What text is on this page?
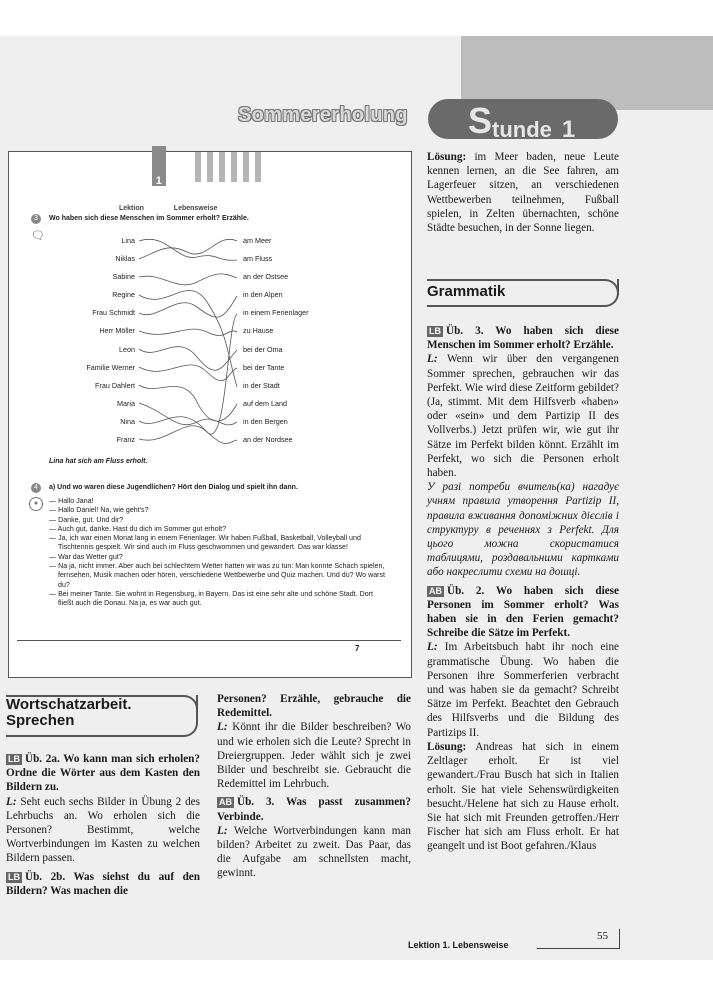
Sommererholung Stunde 1
Lektion 1 Lebensweise
3	Wo haben sich diese Menschen im Sommer erholt? Erzähle.
🗨	Lina
Niklas
Sabine
Regine
Frau Schmidt
Herr Möller
Leon
Familie Werner
Frau Dahlert
Maria
Nina
Franz
am Meer
am Fluss
an der Ostsee
in den Alpen
in einem Ferienlager
zu Hause
bei der Oma
bei der Tante
in der Stadt
auf dem Land
in den Bergen
an der Nordsee
Lina hat sich am Fluss erholt.
4	a) Und wo waren diese Jugendlichen? Hört den Dialog und spielt ihn dann.
●	— Hallo Jana!

— Hallo Daniel! Na, wie geht's?

— Danke, gut. Und dir?

— Auch gut, danke. Hast du dich im Sommer gut erholt?

— Ja, ich war einen Monat lang in einem Ferienlager. Wir haben Fußball, Basketball, Volleyball und Tischtennis gespielt. Wir sind auch im Fluss geschwommen und gewandert. Das war klasse!

— War das Wetter gut?

— Na ja, nicht immer. Aber auch bei schlechtem Wetter hatten wir was zu tun: Man konnte Schach spielen, fernsehen, Musik machen oder hören, verschiedene Wettbewerbe und Quiz machen. Und du? Wo warst du?

— Bei meiner Tante. Sie wohnt in Regensburg, in Bayern. Das ist eine sehr alte und schöne Stadt. Dort fließt auch die Donau. Na ja, es war auch gut.

7
Wortschatzarbeit. Sprechen

LB Üb. 2a. Wo kann man sich erholen? Ordne die Wörter aus dem Kasten den Bildern zu.

L: Seht euch sechs Bilder in Übung 2 des Lehrbuchs an. Wo erholen sich die Personen? Bestimmt, welche Wortverbindungen im Kasten zu welchen Bildern passen.

LB Üb. 2b. Was siehst du auf den Bildern? Was machen die

Personen? Erzähle, gebrauche die Redemittel.

L: Könnt ihr die Bilder beschreiben? Wo und wie erholen sich die Leute? Sprecht in Dreiergruppen. Jeder wählt sich je zwei Bilder und beschreibt sie. Gebraucht die Redemittel im Lehrbuch.

AB Üb. 3. Was passt zusammen? Verbinde.

L: Welche Wortverbindungen kann man bilden? Arbeitet zu zweit. Das Paar, das die Aufgabe am schnellsten macht, gewinnt.

Lösung: im Meer baden, neue Leute kennen lernen, an die See fahren, am Lagerfeuer sitzen, an verschiedenen Wettbewerben teilnehmen, Fußball spielen, in Zelten übernachten, schöne Städte besuchen, in der Sonne liegen.

Grammatik

LB Üb. 3. Wo haben sich diese Menschen im Sommer erholt? Erzähle.

L: Wenn wir über den vergangenen Sommer sprechen, gebrauchen wir das Perfekt. Wie wird diese Zeitform gebildet? (Ja, stimmt. Mit dem Hilfsverb «haben» oder «sein» und dem Partizip II des Vollverbs.) Jetzt prüfen wir, wie gut ihr Sätze im Perfekt bilden könnt. Erzählt im Perfekt, wo sich die Personen erholt haben.

У разі потреби вчитель(ка) нагадує учням правила утворення Partizip II, правила вживання допоміжних дієслів і структуру в реченнях з Perfekt. Для цього можна скористатися таблицями, роздавальними картками або накреслити схеми на дошці.

AB Üb. 2. Wo haben sich diese Personen im Sommer erholt? Was haben sie in den Ferien gemacht? Schreibe die Sätze im Perfekt.

L: Im Arbeitsbuch habt ihr noch eine grammatische Übung. Wo haben die Personen ihre Sommerferien verbracht und was haben sie da gemacht? Schreibt Sätze im Perfekt. Beachtet den Gebrauch des Hilfsverbs und die Bildung des Partizips II.

Lösung: Andreas hat sich in einem Zeltlager erholt. Er ist viel gewandert./Frau Busch hat sich in Italien erholt. Sie hat viele Sehenswürdigkeiten besucht./Helene hat sich zu Hause erholt. Sie hat sich mit Freunden getroffen./Herr Fischer hat sich am Fluss erholt. Er hat geangelt und ist Boot gefahren./Klaus

Lektion 1. Lebensweise
55
